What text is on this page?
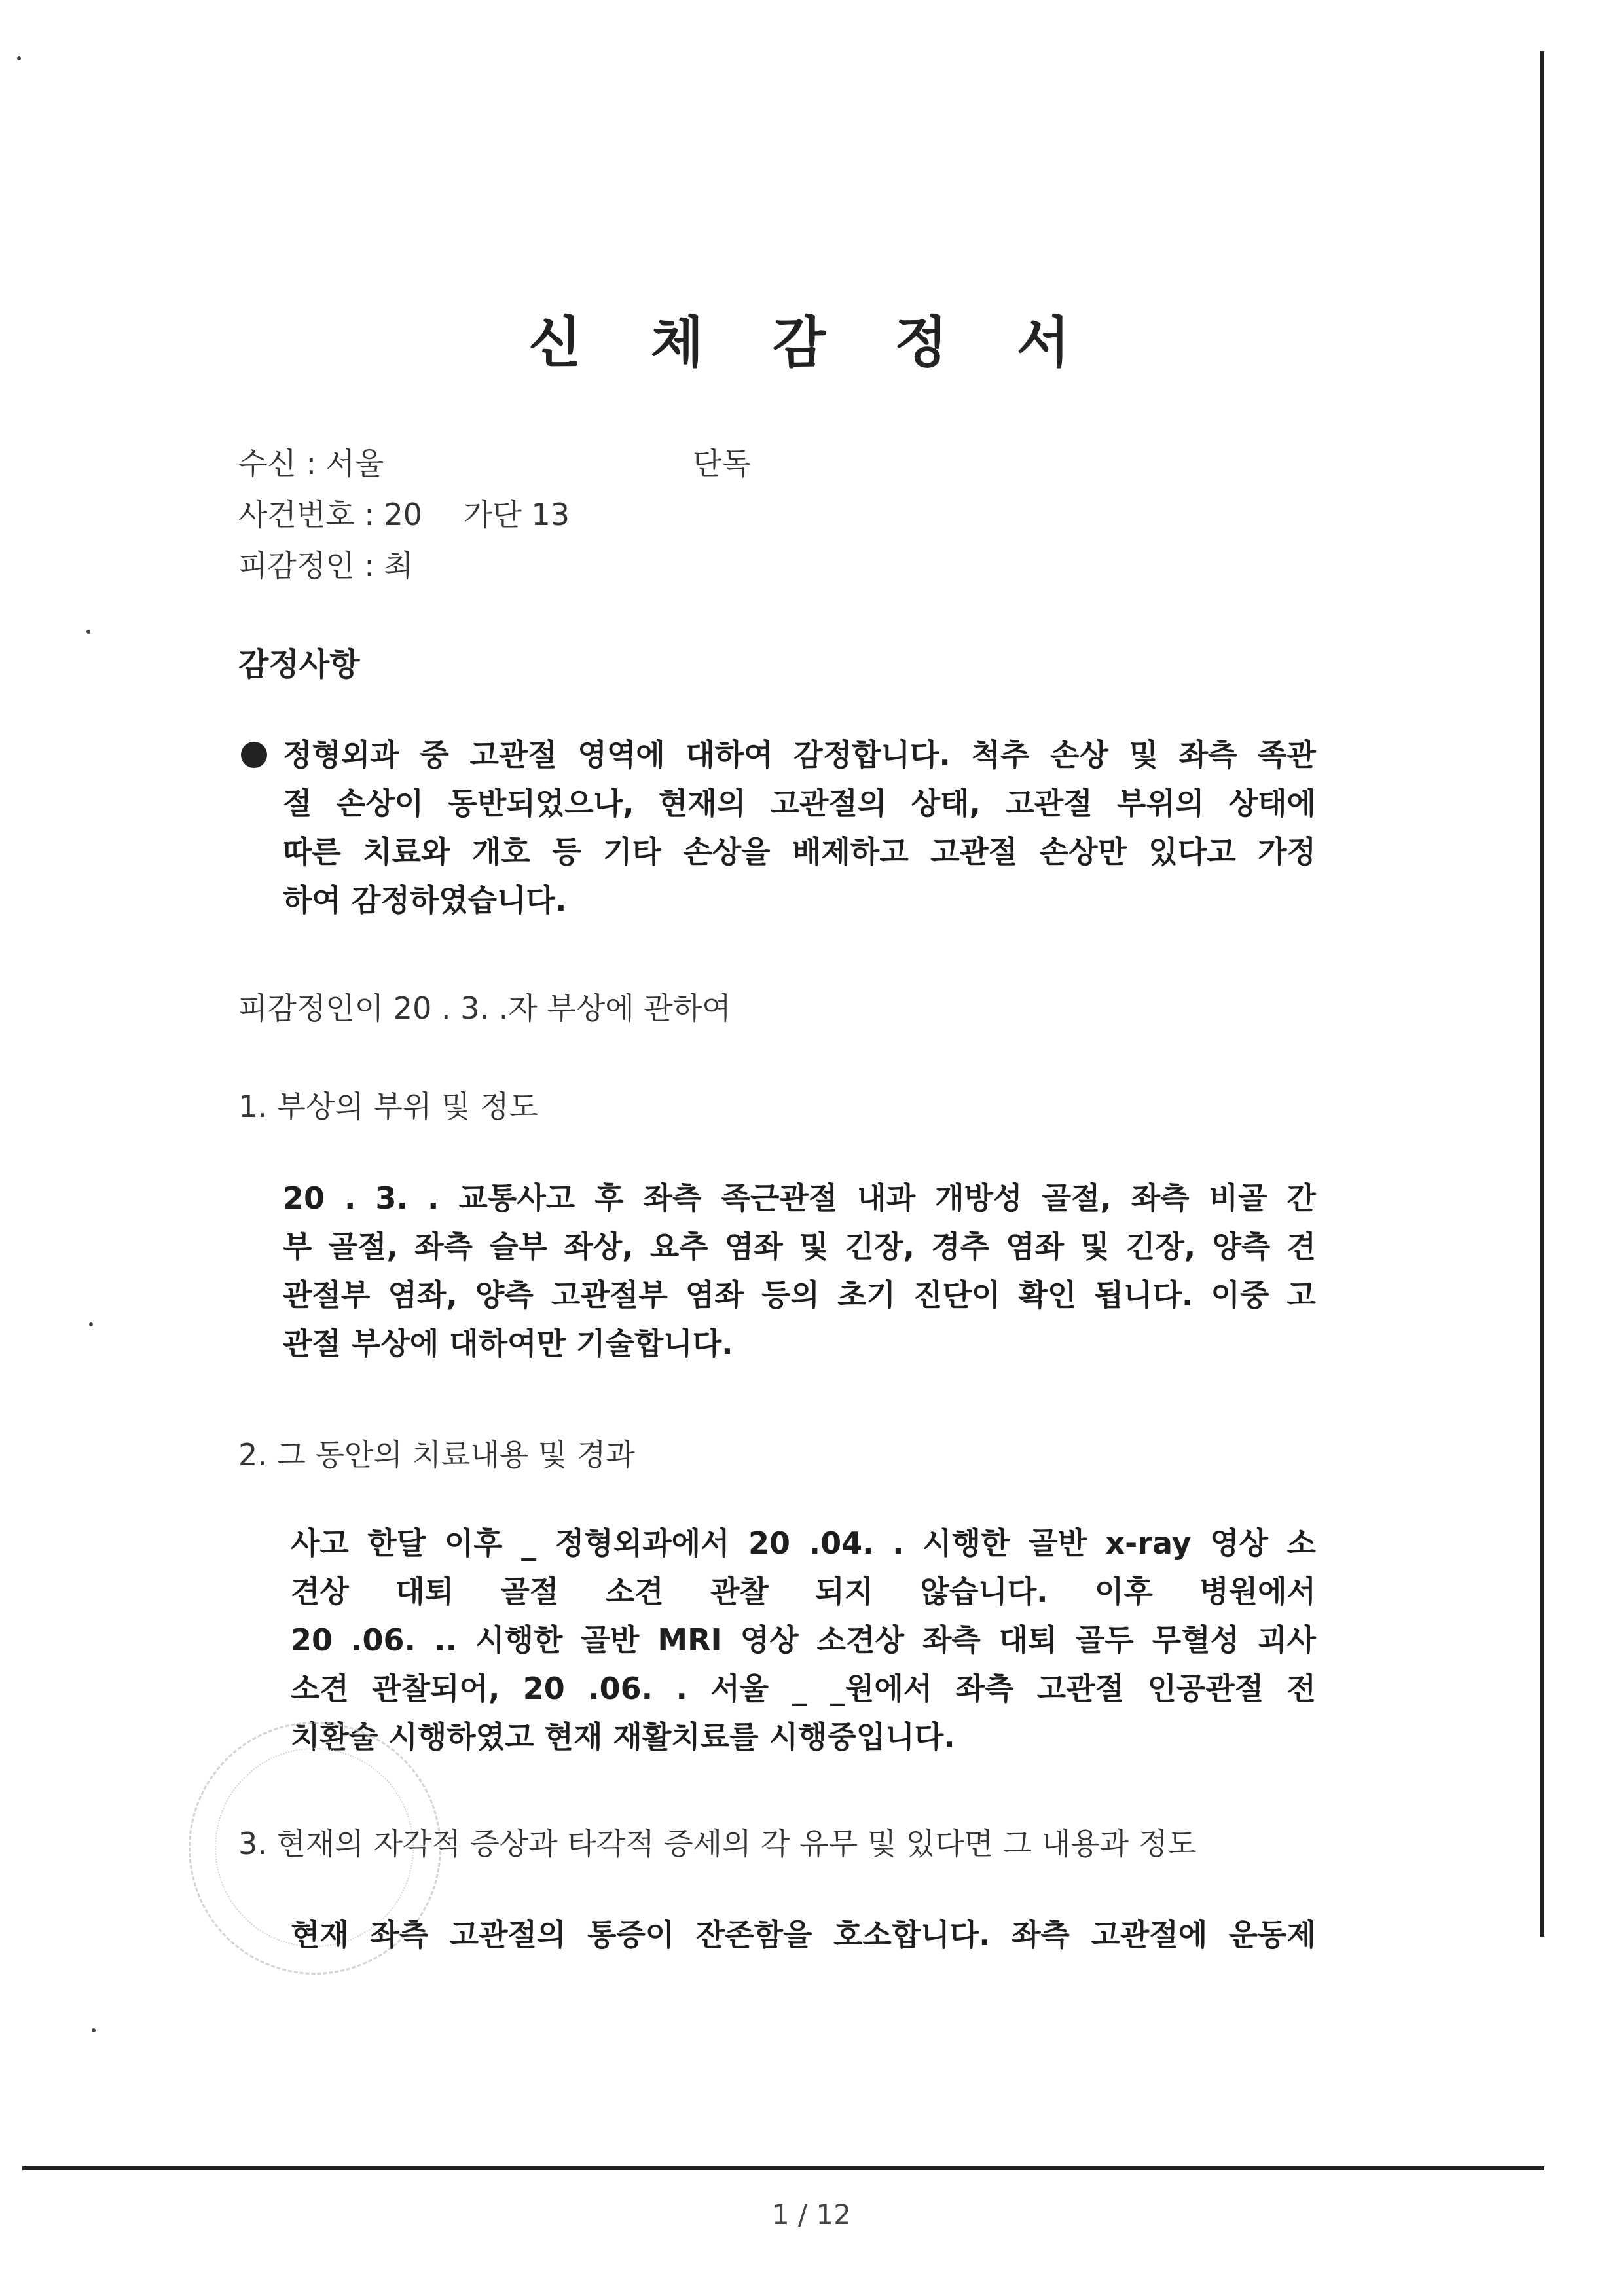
신 체 감 정 서
수신 : 서울	단독
사건번호 : 20 가단 13
피감정인 : 최
감정사항
정형외과 중 고관절 영역에 대하여 감정합니다. 척추 손상 및 좌측 족관
절 손상이 동반되었으나, 현재의 고관절의 상태, 고관절 부위의 상태에
따른 치료와 개호 등 기타 손상을 배제하고 고관절 손상만 있다고 가정
하여 감정하였습니다.
피감정인이 20 . 3. .자 부상에 관하여
1. 부상의 부위 및 정도
20 . 3. . 교통사고 후 좌측 족근관절 내과 개방성 골절, 좌측 비골 간
부 골절, 좌측 슬부 좌상, 요추 염좌 및 긴장, 경추 염좌 및 긴장, 양측 견
관절부 염좌, 양측 고관절부 염좌 등의 초기 진단이 확인 됩니다. 이중 고
관절 부상에 대하여만 기술합니다.
2. 그 동안의 치료내용 및 경과
사고 한달 이후 _ 정형외과에서 20 .04. . 시행한 골반 x-ray 영상 소
견상 대퇴 골절 소견 관찰 되지 않습니다. 이후 병원에서
20 .06. .. 시행한 골반 MRI 영상 소견상 좌측 대퇴 골두 무혈성 괴사
소견 관찰되어, 20 .06. . 서울 _ _원에서 좌측 고관절 인공관절 전
치환술 시행하였고 현재 재활치료를 시행중입니다.
3. 현재의 자각적 증상과 타각적 증세의 각 유무 및 있다면 그 내용과 정도
현재 좌측 고관절의 통증이 잔존함을 호소합니다. 좌측 고관절에 운동제
1 / 12
